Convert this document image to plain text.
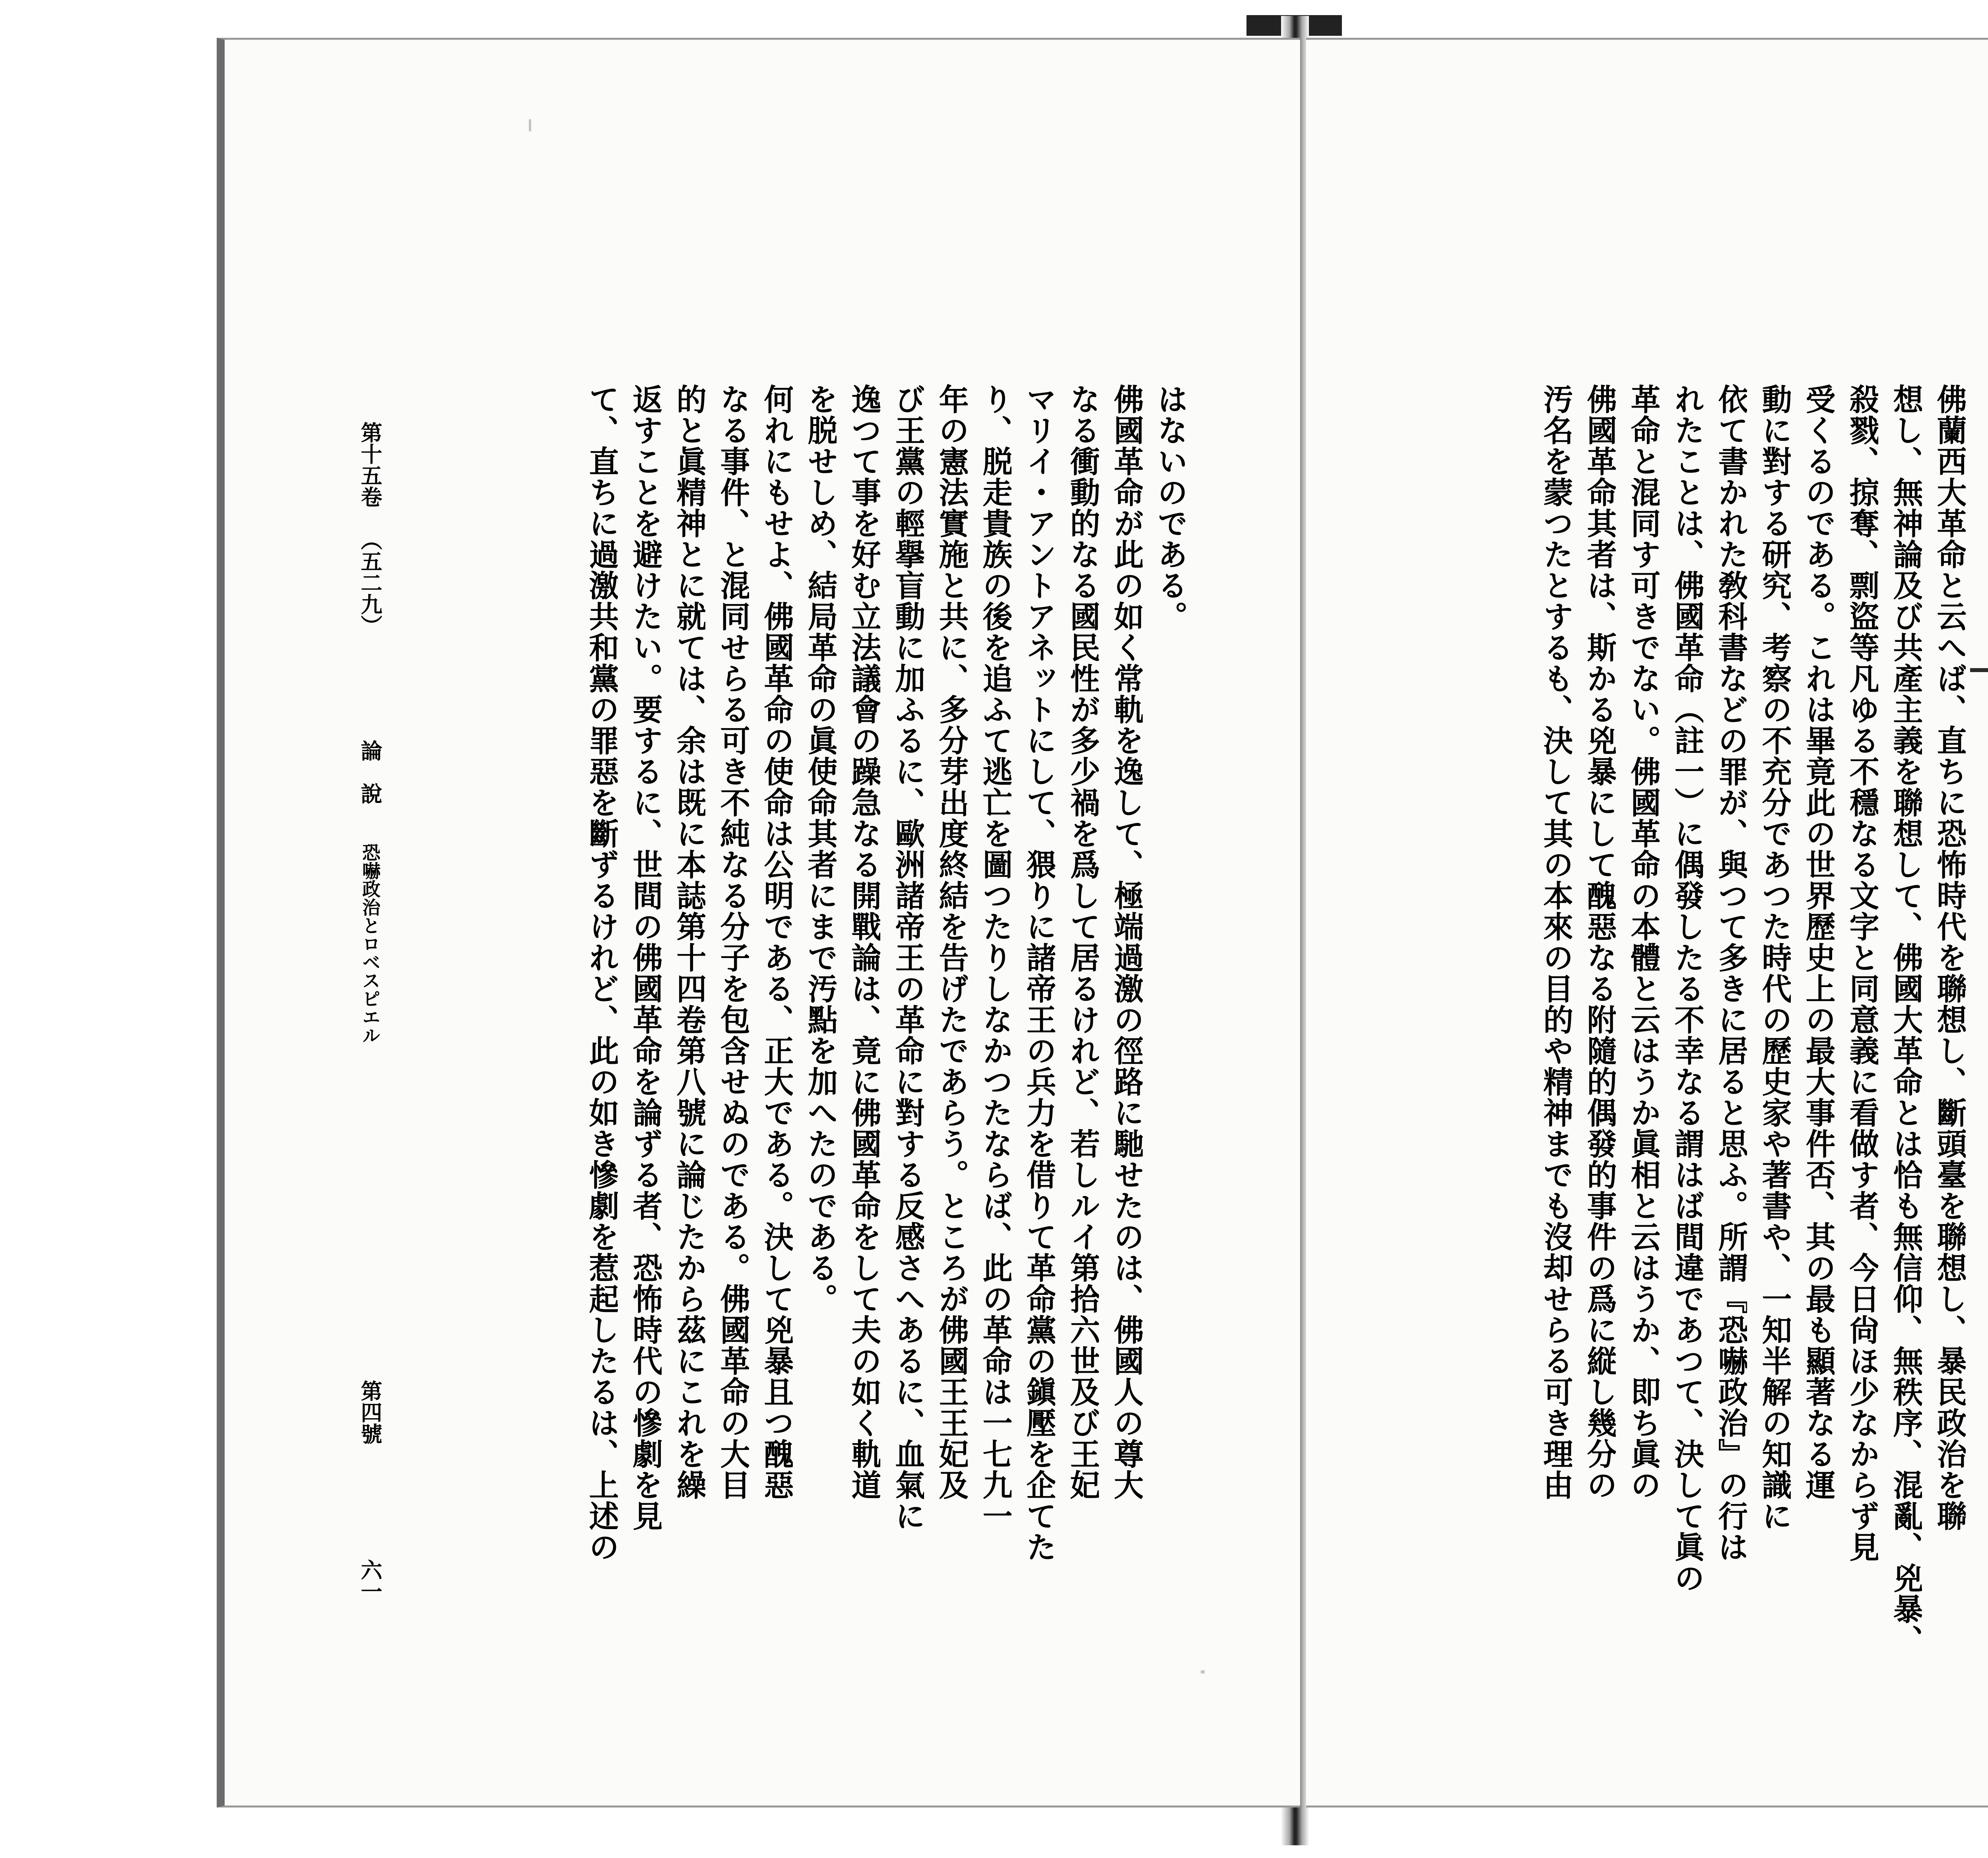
第十五卷
（五二九）
論　說
恐嚇政治とロベスピエル
第四號
六一
はないのである。
佛國革命が此の如く常軌を逸して、極端過激の徑路に馳せたのは、佛國人の尊大
なる衝動的なる國民性が多少禍を爲して居るけれど、若しルイ第拾六世及び王妃
マリイ・アントアネットにして、猥りに諸帝王の兵力を借りて革命黨の鎭壓を企てた
り、脱走貴族の後を追ふて逃亡を圖つたりしなかつたならば、此の革命は一七九一
年の憲法實施と共に、多分芽出度終結を告げたであらう。ところが佛國王王妃及
び王黨の輕擧盲動に加ふるに、歐洲諸帝王の革命に對する反感さへあるに、血氣に
逸つて事を好む立法議會の躁急なる開戰論は、竟に佛國革命をして夫の如く軌道
を脱せしめ、結局革命の眞使命其者にまで汚點を加へたのである。
何れにもせよ、佛國革命の使命は公明である、正大である。決して兇暴且つ醜惡
なる事件、と混同せらる可き不純なる分子を包含せぬのである。佛國革命の大目
的と眞精神とに就ては、余は既に本誌第十四卷第八號に論じたから茲にこれを繰
返すことを避けたい。要するに、世間の佛國革命を論ずる者、恐怖時代の慘劇を見
て、直ちに過激共和黨の罪惡を斷ずるけれど、此の如き慘劇を惹起したるは、上述の	佛蘭西大革命と云へば、直ちに恐怖時代を聯想し、斷頭臺を聯想し、暴民政治を聯
想し、無神論及び共產主義を聯想して、佛國大革命とは恰も無信仰、無秩序、混亂、兇暴、
殺戮、掠奪、剽盜等凡ゆる不穩なる文字と同意義に看做す者、今日尙ほ少なからず見
受くるのである。これは畢竟此の世界歷史上の最大事件否、其の最も顯著なる運
動に對する研究、考察の不充分であつた時代の歷史家や著書や、一知半解の知識に
依て書かれた敎科書などの罪が、與つて多きに居ると思ふ。所謂『恐嚇政治』の行は
れたことは、佛國革命（註一）に偶發したる不幸なる謂はば間違であつて、決して眞の
革命と混同す可きでない。佛國革命の本體と云はうか眞相と云はうか、即ち眞の
佛國革命其者は、斯かる兇暴にして醜惡なる附隨的偶發的事件の爲に縦し幾分の
汚名を蒙つたとするも、決して其の本來の目的や精神までも沒却せらる可き理由
